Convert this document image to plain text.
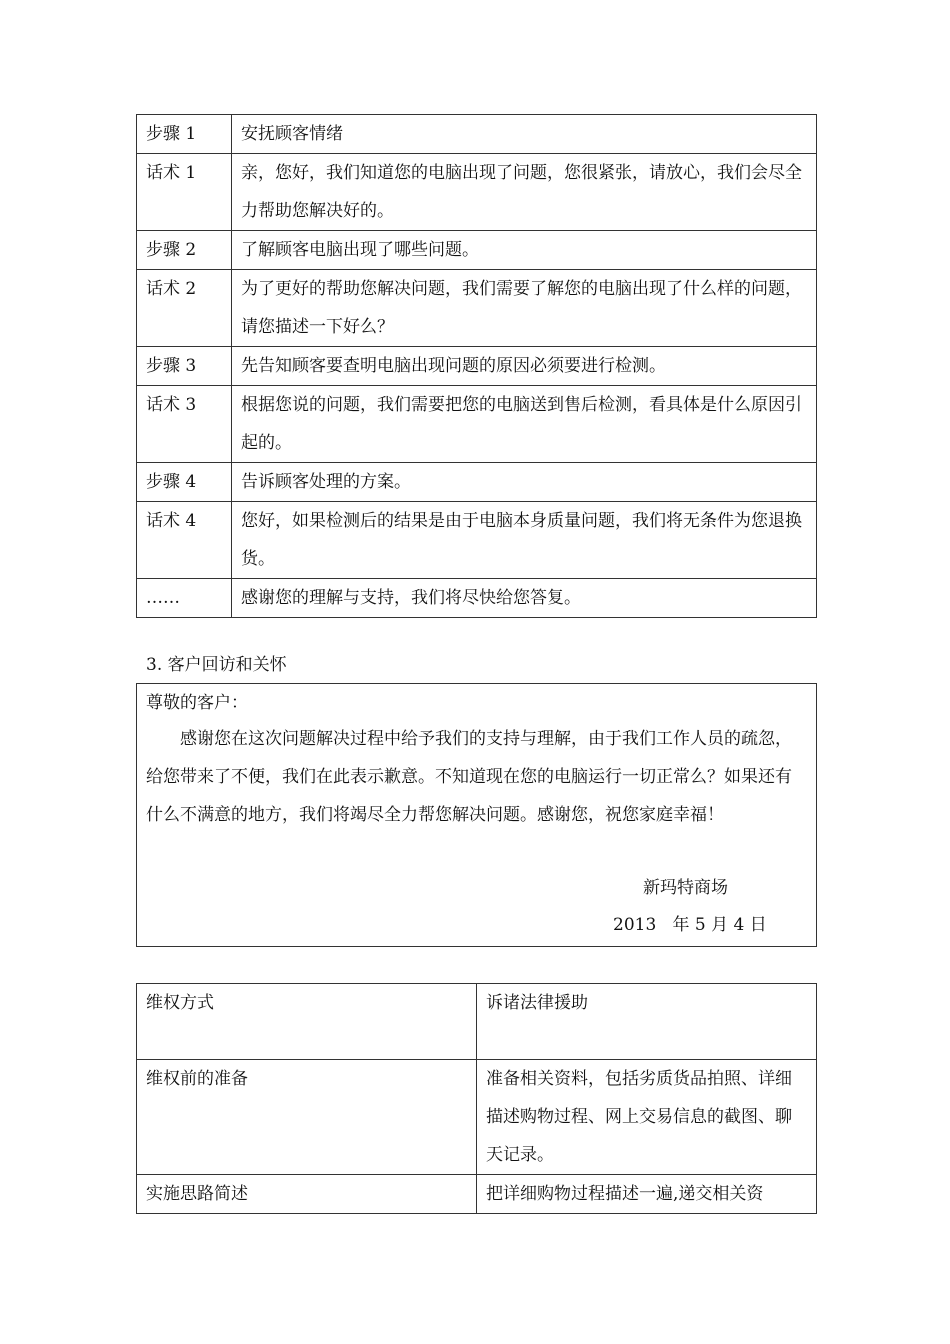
步骤 1	安抚顾客情绪
话术 1	亲，您好，我们知道您的电脑出现了问题，您很紧张，请放心，我们会尽全力帮助您解决好的。
步骤 2	了解顾客电脑出现了哪些问题。
话术 2	为了更好的帮助您解决问题，我们需要了解您的电脑出现了什么样的问题，请您描述一下好么？
步骤 3	先告知顾客要查明电脑出现问题的原因必须要进行检测。
话术 3	根据您说的问题，我们需要把您的电脑送到售后检测，看具体是什么原因引起的。
步骤 4	告诉顾客处理的方案。
话术 4	您好，如果检测后的结果是由于电脑本身质量问题，我们将无条件为您退换货。
……	感谢您的理解与支持，我们将尽快给您答复。
3. 客户回访和关怀
尊敬的客户：
感谢您在这次问题解决过程中给予我们的支持与理解，由于我们工作人员的疏忽，给您带来了不便，我们在此表示歉意。不知道现在您的电脑运行一切正常么？如果还有什么不满意的地方，我们将竭尽全力帮您解决问题。感谢您，祝您家庭幸福！
新玛特商场
2013   年 5 月 4 日
维权方式	诉诸法律援助
维权前的准备	准备相关资料，包括劣质货品拍照、详细描述购物过程、网上交易信息的截图、聊天记录。
实施思路简述	把详细购物过程描述一遍,递交相关资
